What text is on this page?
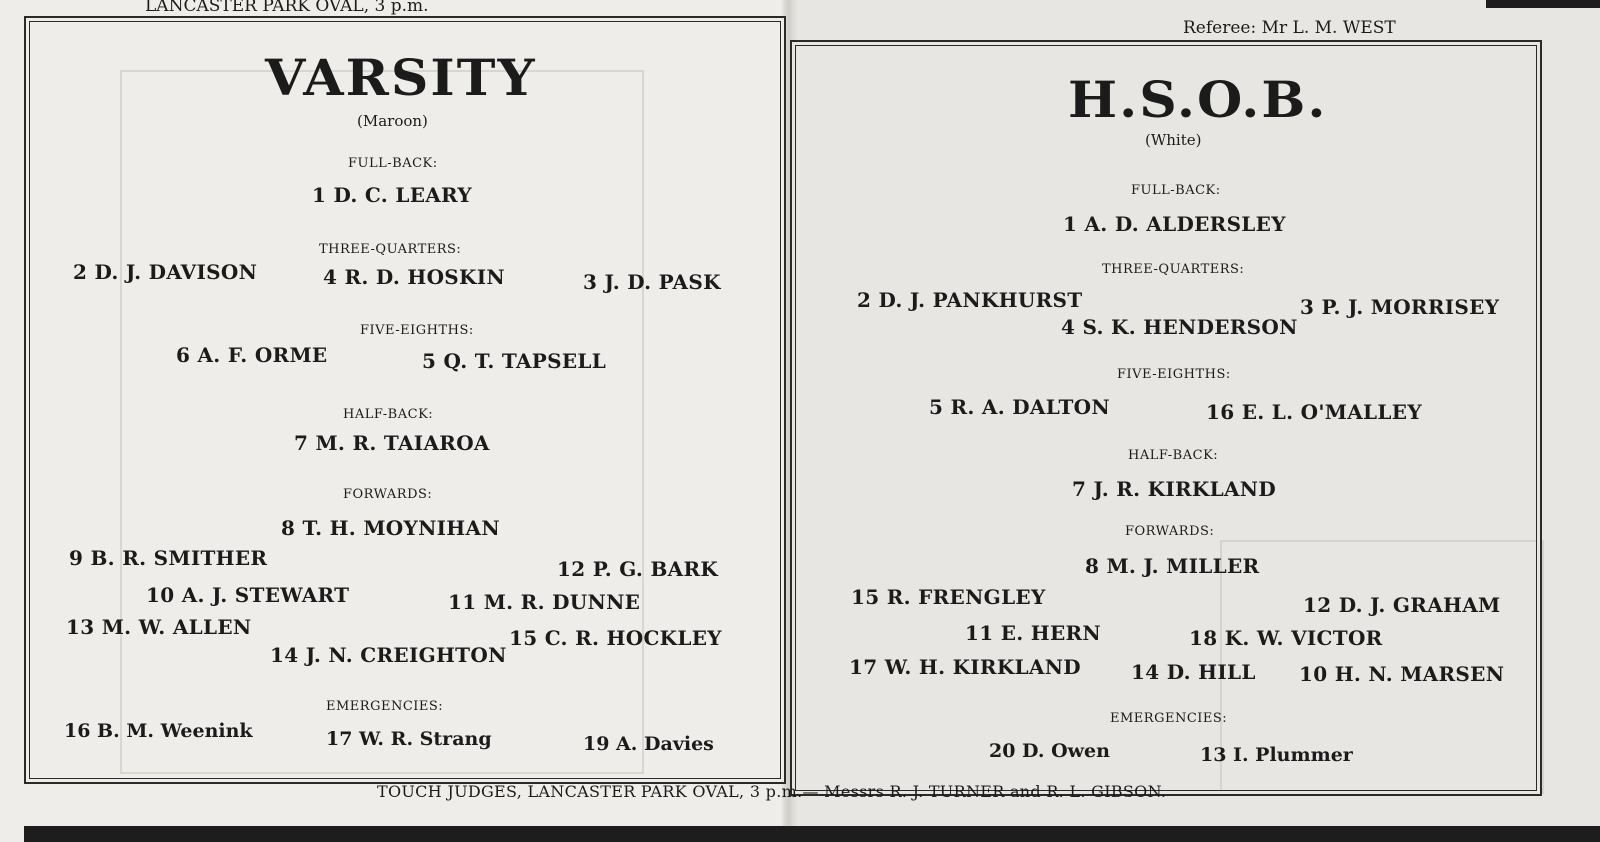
LANCASTER PARK OVAL, 3 p.m.
Referee: Mr L. M. WEST
VARSITY
(Maroon)
FULL-BACK:
1 D. C. LEARY
THREE-QUARTERS:
2 D. J. DAVISON	4 R. D. HOSKIN	3 J. D. PASK
FIVE-EIGHTHS:
6 A. F. ORME	5 Q. T. TAPSELL
HALF-BACK:
7 M. R. TAIAROA
FORWARDS:
8 T. H. MOYNIHAN
9 B. R. SMITHER	12 P. G. BARK
10 A. J. STEWART	11 M. R. DUNNE
13 M. W. ALLEN	15 C. R. HOCKLEY
14 J. N. CREIGHTON
EMERGENCIES:
16 B. M. Weenink	17 W. R. Strang	19 A. Davies
H.S.O.B.
(White)
FULL-BACK:
1 A. D. ALDERSLEY
THREE-QUARTERS:
2 D. J. PANKHURST	3 P. J. MORRISEY
4 S. K. HENDERSON
FIVE-EIGHTHS:
5 R. A. DALTON	16 E. L. O'MALLEY
HALF-BACK:
7 J. R. KIRKLAND
FORWARDS:
8 M. J. MILLER
15 R. FRENGLEY	12 D. J. GRAHAM
11 E. HERN	18 K. W. VICTOR
17 W. H. KIRKLAND	14 D. HILL 10 H. N. MARSEN
EMERGENCIES:
20 D. Owen	13 I. Plummer
TOUCH JUDGES, LANCASTER PARK OVAL, 3 p.m.— Messrs R. J. TURNER and R. L. GIBSON.
